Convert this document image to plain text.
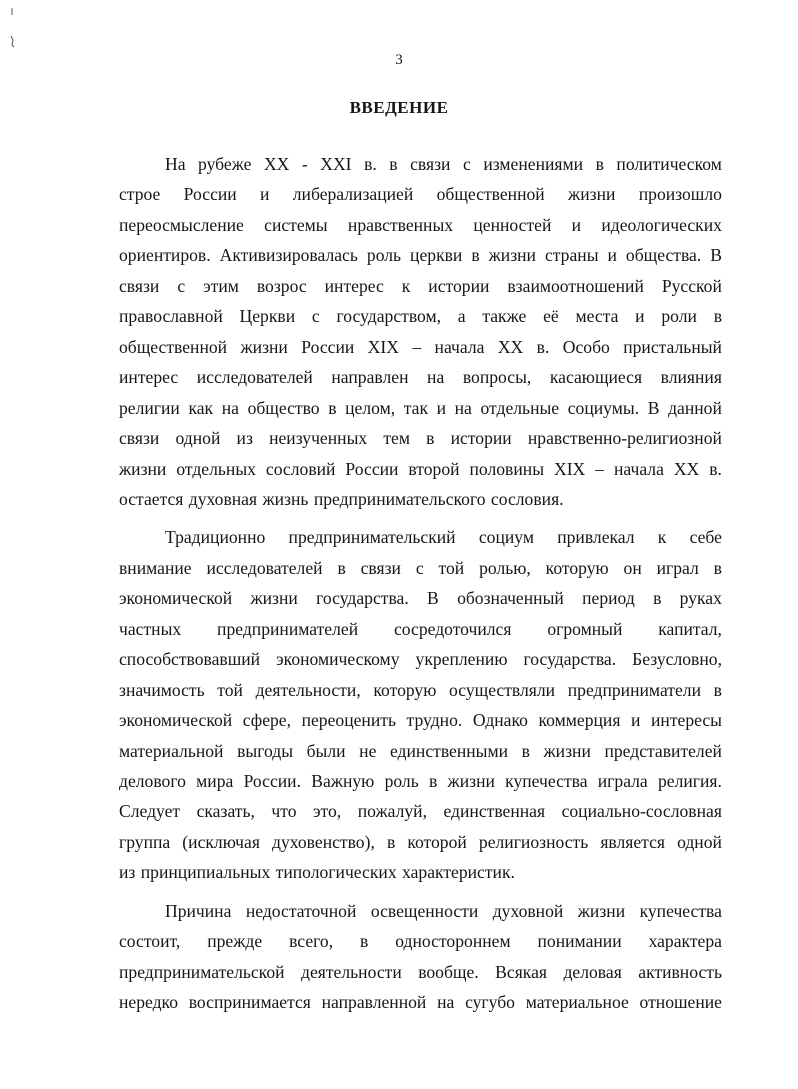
3
ВВЕДЕНИЕ
На рубеже XX - XXI в. в связи с изменениями в политическом
строе России и либерализацией общественной жизни произошло
переосмысление системы нравственных ценностей и идеологических
ориентиров. Активизировалась роль церкви в жизни страны и общества. В
связи с этим возрос интерес к истории взаимоотношений Русской
православной Церкви с государством, а также её места и роли в
общественной жизни России XIX – начала XX в. Особо пристальный
интерес исследователей направлен на вопросы, касающиеся влияния
религии как на общество в целом, так и на отдельные социумы. В данной
связи одной из неизученных тем в истории нравственно-религиозной
жизни отдельных сословий России второй половины XIX – начала XX в.
остается духовная жизнь предпринимательского сословия.
Традиционно предпринимательский социум привлекал к себе
внимание исследователей в связи с той ролью, которую он играл в
экономической жизни государства. В обозначенный период в руках
частных предпринимателей сосредоточился огромный капитал,
способствовавший экономическому укреплению государства. Безусловно,
значимость той деятельности, которую осуществляли предприниматели в
экономической сфере, переоценить трудно. Однако коммерция и интересы
материальной выгоды были не единственными в жизни представителей
делового мира России. Важную роль в жизни купечества играла религия.
Следует сказать, что это, пожалуй, единственная социально-сословная
группа (исключая духовенство), в которой религиозность является одной
из принципиальных типологических характеристик.
Причина недостаточной освещенности духовной жизни купечества
состоит, прежде всего, в одностороннем понимании характера
предпринимательской деятельности вообще. Всякая деловая активность
нередко воспринимается направленной на сугубо материальное отношение
